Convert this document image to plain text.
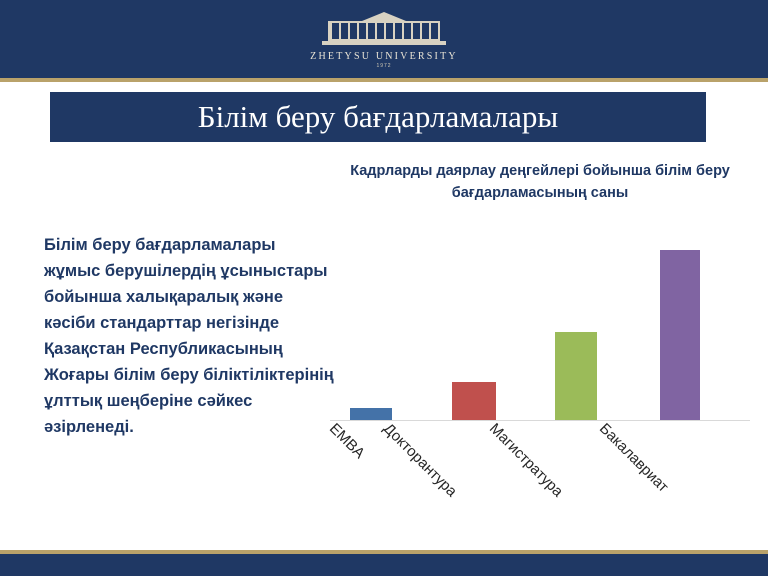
ZHETYSU UNIVERSITY
1972
Білім беру бағдарламалары
Білім беру бағдарламалары жұмыс берушілердің ұсыныстары бойынша халықаралық және кәсіби стандарттар негізінде Қазақстан Республикасының Жоғары білім беру біліктіліктерінің ұлттық шеңберіне сәйкес әзірленеді.
Кадрларды даярлау деңгейлері бойынша білім беру бағдарламасының саны
EMBA Докторантура Магистратура Бакалавриат
